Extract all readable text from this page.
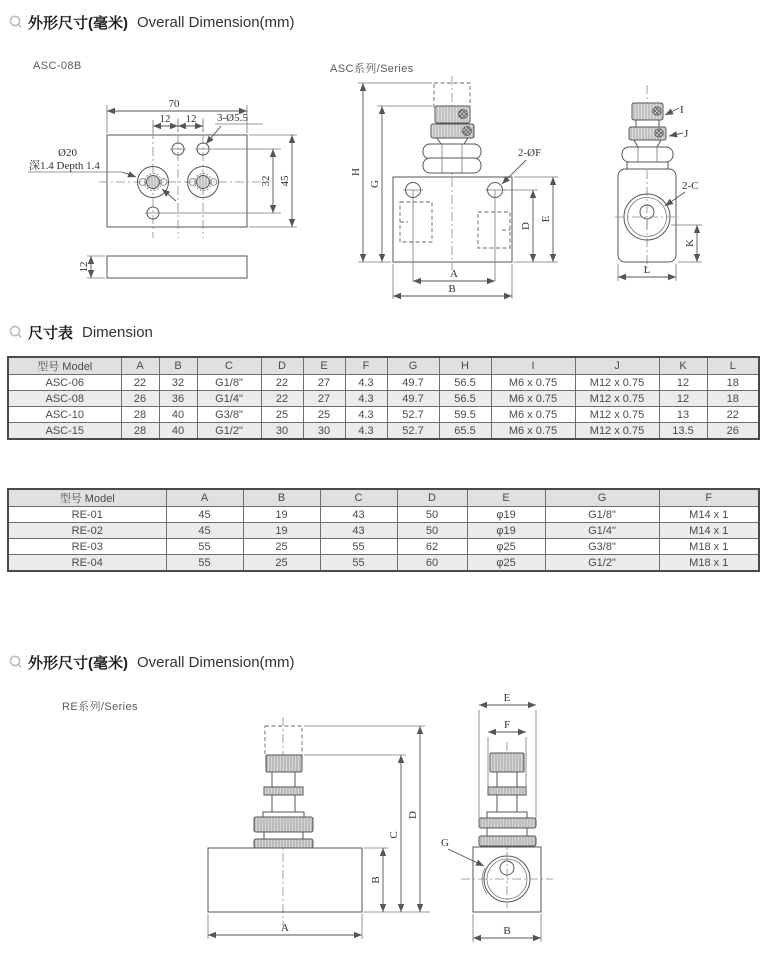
外形尺寸(毫米) Overall Dimension(mm)
ASC-08B	ASC系列/Series
70
12 12 3-Ø5.5
Ø20
深1.4 Depth 1.4
32 45
12
2-ØF
H
G
D
E
A
B
I
J
2-C
K
L
尺寸表 Dimension
型号 Model	A	B	C	D	E	F	G	H	I	J	K	L
ASC-06	22	32	G1/8"	22	27	4.3	49.7	56.5	M6 x 0.75	M12 x 0.75	12	18
ASC-08	26	36	G1/4"	22	27	4.3	49.7	56.5	M6 x 0.75	M12 x 0.75	12	18
ASC-10	28	40	G3/8"	25	25	4.3	52.7	59.5	M6 x 0.75	M12 x 0.75	13	22
ASC-15	28	40	G1/2"	30	30	4.3	52.7	65.5	M6 x 0.75	M12 x 0.75	13.5	26
型号 Model	A	B	C	D	E	G	F
RE-01	45	19	43	50	φ19	G1/8"	M14 x 1
RE-02	45	19	43	50	φ19	G1/4"	M14 x 1
RE-03	55	25	55	62	φ25	G3/8"	M18 x 1
RE-04	55	25	55	60	φ25	G1/2"	M18 x 1
外形尺寸(毫米) Overall Dimension(mm)
RE系列/Series
A
B
C
D
E
F
G
B
